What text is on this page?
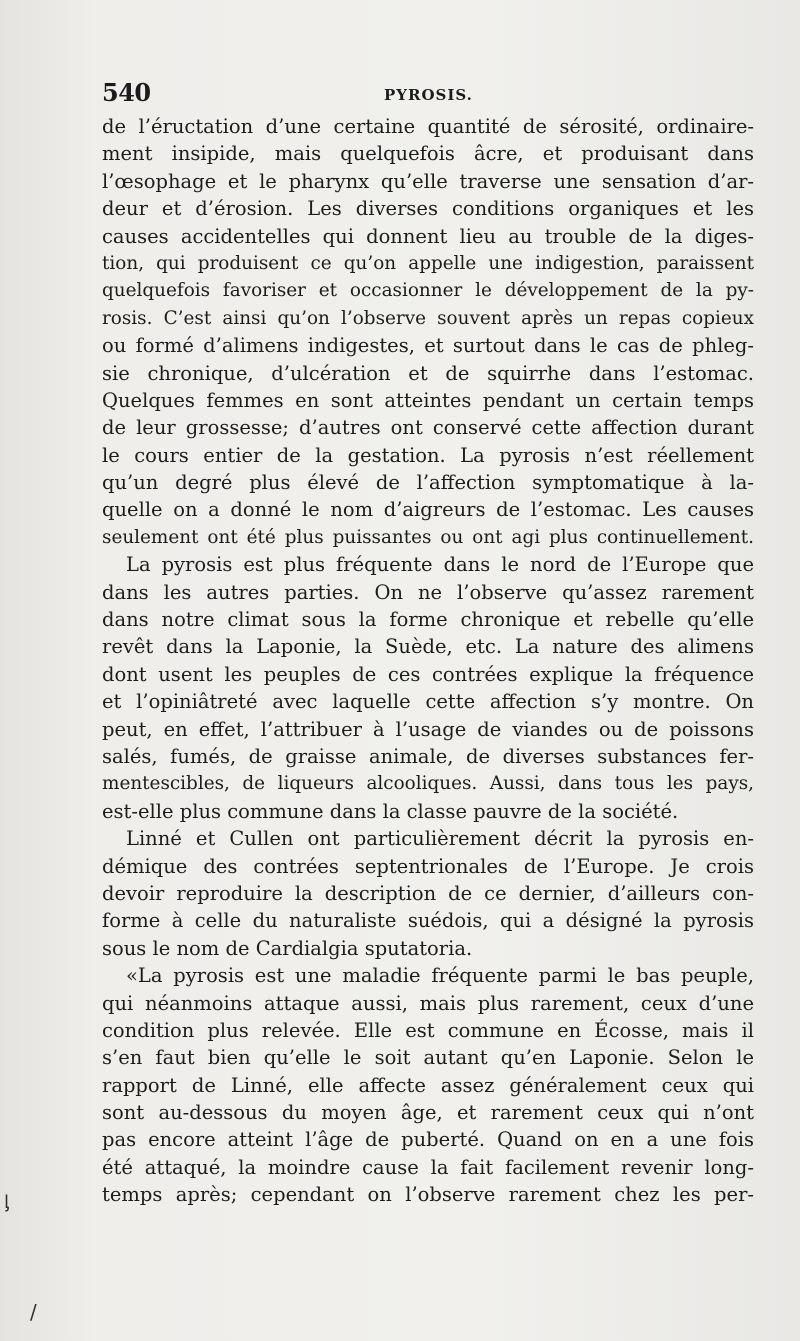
540	PYROSIS.
de l’éructation d’une certaine quantité de sérosité, ordinaire-
ment insipide, mais quelquefois âcre, et produisant dans
l’œsophage et le pharynx qu’elle traverse une sensation d’ar-
deur et d’érosion. Les diverses conditions organiques et les
causes accidentelles qui donnent lieu au trouble de la diges-
tion, qui produisent ce qu’on appelle une indigestion, paraissent
quelquefois favoriser et occasionner le développement de la py-
rosis. C’est ainsi qu’on l’observe souvent après un repas copieux
ou formé d’alimens indigestes, et surtout dans le cas de phleg-
sie chronique, d’ulcération et de squirrhe dans l’estomac.
Quelques femmes en sont atteintes pendant un certain temps
de leur grossesse; d’autres ont conservé cette affection durant
le cours entier de la gestation. La pyrosis n’est réellement
qu’un degré plus élevé de l’affection symptomatique à la-
quelle on a donné le nom d’aigreurs de l’estomac. Les causes
seulement ont été plus puissantes ou ont agi plus continuellement.
La pyrosis est plus fréquente dans le nord de l’Europe que
dans les autres parties. On ne l’observe qu’assez rarement
dans notre climat sous la forme chronique et rebelle qu’elle
revêt dans la Laponie, la Suède, etc. La nature des alimens
dont usent les peuples de ces contrées explique la fréquence
et l’opiniâtreté avec laquelle cette affection s’y montre. On
peut, en effet, l’attribuer à l’usage de viandes ou de poissons
salés, fumés, de graisse animale, de diverses substances fer-
mentescibles, de liqueurs alcooliques. Aussi, dans tous les pays,
est-elle plus commune dans la classe pauvre de la société.
Linné et Cullen ont particulièrement décrit la pyrosis en-
démique des contrées septentrionales de l’Europe. Je crois
devoir reproduire la description de ce dernier, d’ailleurs con-
forme à celle du naturaliste suédois, qui a désigné la pyrosis
sous le nom de Cardialgia sputatoria.
«La pyrosis est une maladie fréquente parmi le bas peuple,
qui néanmoins attaque aussi, mais plus rarement, ceux d’une
condition plus relevée. Elle est commune en Écosse, mais il
s’en faut bien qu’elle le soit autant qu’en Laponie. Selon le
rapport de Linné, elle affecte assez généralement ceux qui
sont au-dessous du moyen âge, et rarement ceux qui n’ont
pas encore atteint l’âge de puberté. Quand on en a une fois
été attaqué, la moindre cause la fait facilement revenir long-
temps après; cependant on l’observe rarement chez les per-
ᶅ
/
